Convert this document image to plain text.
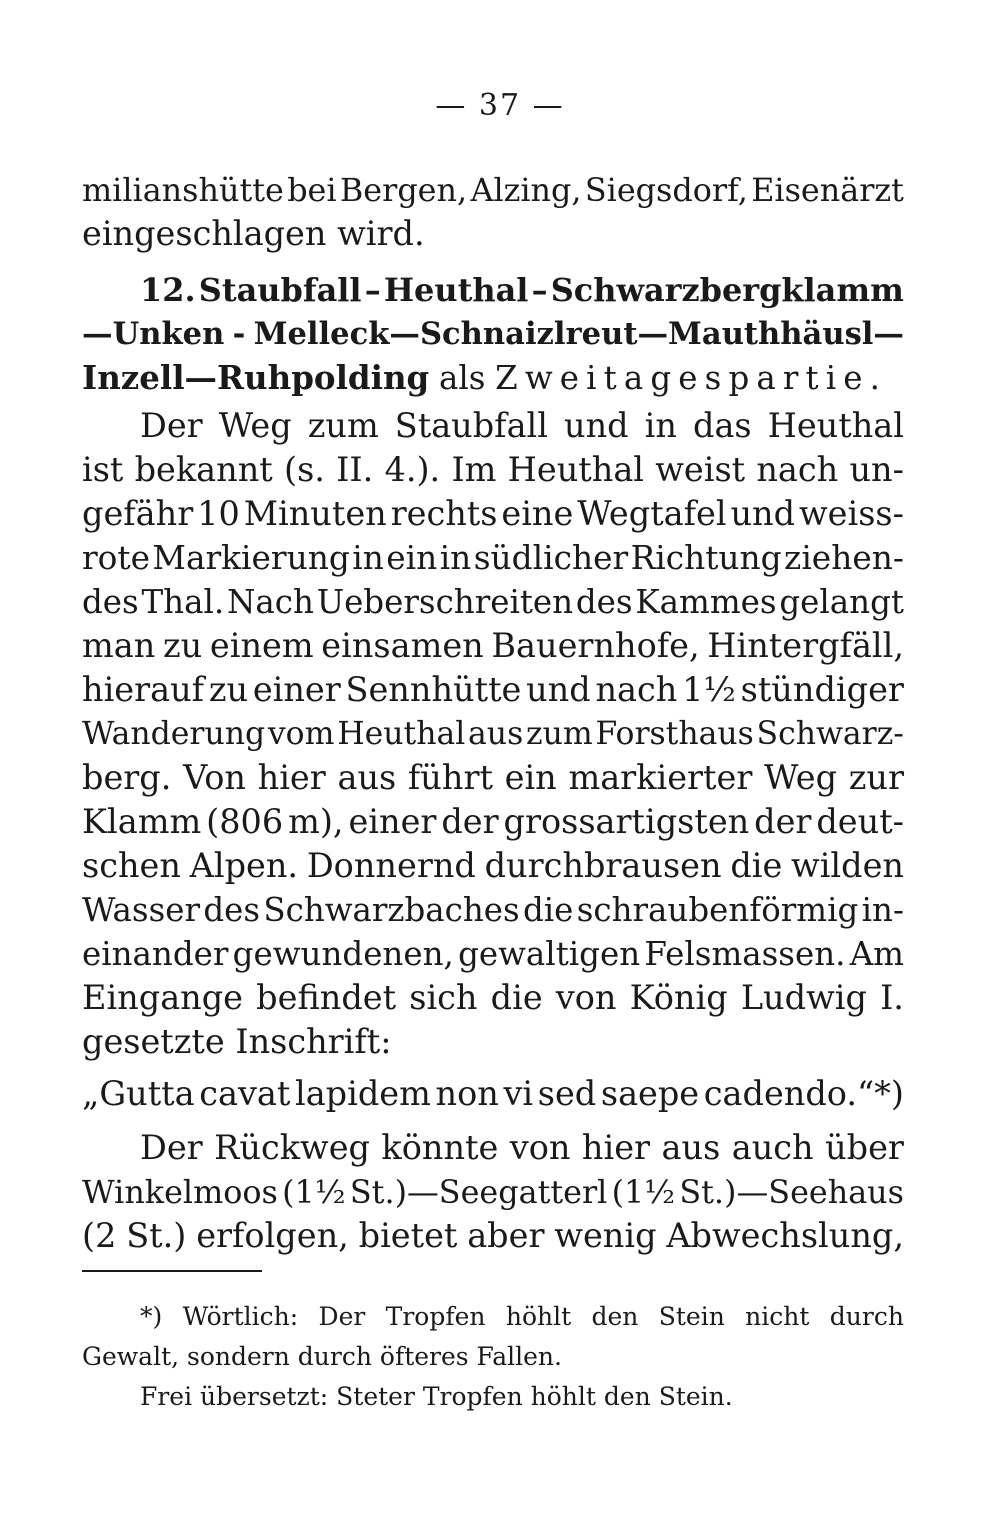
— 37 —
milianshütte bei Bergen, Alzing, Siegsdorf, Eisenärzt
eingeschlagen wird.
12. Staubfall – Heuthal – Schwarzbergklamm
—Unken - Melleck—Schnaizlreut—Mauthhäusl—
Inzell—Ruhpolding als Zweitagespartie.
Der Weg zum Staubfall und in das Heuthal
ist bekannt (s. II. 4.). Im Heuthal weist nach un-
gefähr 10 Minuten rechts eine Wegtafel und weiss-
rote Markierung in ein in südlicher Richtung ziehen-
des Thal. Nach Ueberschreiten des Kammes gelangt
man zu einem einsamen Bauernhofe, Hintergfäll,
hierauf zu einer Sennhütte und nach 1½ stündiger
Wanderung vom Heuthal aus zum Forsthaus Schwarz-
berg. Von hier aus führt ein markierter Weg zur
Klamm (806 m), einer der grossartigsten der deut-
schen Alpen. Donnernd durchbrausen die wilden
Wasser des Schwarzbaches die schraubenförmig in-
einander gewundenen, gewaltigen Felsmassen. Am
Eingange befindet sich die von König Ludwig I.
gesetzte Inschrift:
„Gutta cavat lapidem non vi sed saepe cadendo.“*)
Der Rückweg könnte von hier aus auch über
Winkelmoos (1½ St.)—Seegatterl (1½ St.)—Seehaus
(2 St.) erfolgen, bietet aber wenig Abwechslung,
*) Wörtlich: Der Tropfen höhlt den Stein nicht durch
Gewalt, sondern durch öfteres Fallen.
Frei übersetzt: Steter Tropfen höhlt den Stein.
